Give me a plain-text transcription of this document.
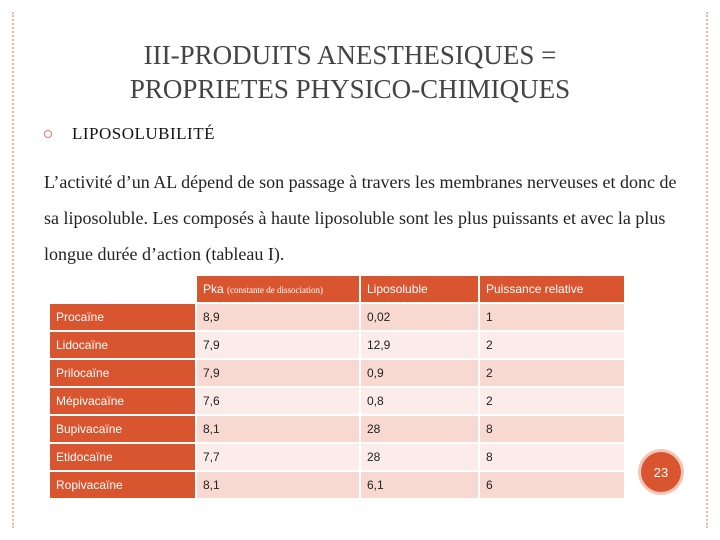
III-PRODUITS ANESTHESIQUES =
PROPRIETES PHYSICO-CHIMIQUES
LIPOSOLUBILITÉ
L’activité d’un AL dépend de son passage à travers les membranes nerveuses et donc de sa liposoluble. Les composés à haute liposoluble sont les plus puissants et avec la plus longue durée d’action (tableau I).
	Pka (constante de dissociation)	Liposoluble	Puissance relative
Procaïne	8,9	0,02	1
Lidocaïne	7,9	12,9	2
Prilocaïne	7,9	0,9	2
Mépivacaïne	7,6	0,8	2
Bupivacaïne	8,1	28	8
Etidocaïne	7,7	28	8
Ropivacaïne	8,1	6,1	6
23
